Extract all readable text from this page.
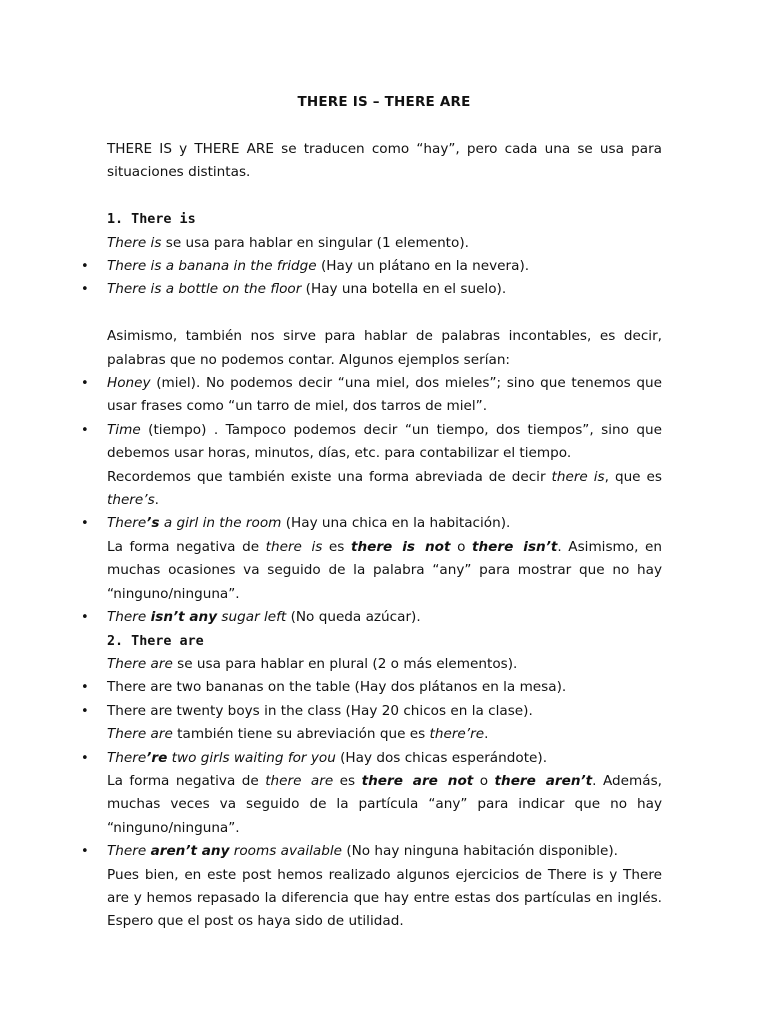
THERE IS – THERE ARE

THERE IS y THERE ARE se traducen como “hay”, pero cada una se usa para situaciones distintas.

1. There is

There is se usa para hablar en singular (1 elemento).

• There is a banana in the fridge (Hay un plátano en la nevera).

• There is a bottle on the floor (Hay una botella en el suelo).

Asimismo, también nos sirve para hablar de palabras incontables, es decir, palabras que no podemos contar. Algunos ejemplos serían:

• Honey (miel). No podemos decir “una miel, dos mieles”; sino que tenemos que usar frases como “un tarro de miel, dos tarros de miel”.

• Time (tiempo) . Tampoco podemos decir “un tiempo, dos tiempos”, sino que debemos usar horas, minutos, días, etc. para contabilizar el tiempo.

Recordemos que también existe una forma abreviada de decir there is, que es there’s.

• There’s a girl in the room (Hay una chica en la habitación).

La forma negativa de there is es there is not o there isn’t. Asimismo, en muchas ocasiones va seguido de la palabra “any” para mostrar que no hay “ninguno/ninguna”.

• There isn’t any sugar left (No queda azúcar).

2. There are

There are se usa para hablar en plural (2 o más elementos).

• There are two bananas on the table (Hay dos plátanos en la mesa).

• There are twenty boys in the class (Hay 20 chicos en la clase).

There are también tiene su abreviación que es there’re.

• There’re two girls waiting for you (Hay dos chicas esperándote).

La forma negativa de there are es there are not o there aren’t. Además, muchas veces va seguido de la partícula “any” para indicar que no hay “ninguno/ninguna”.

• There aren’t any rooms available (No hay ninguna habitación disponible).

Pues bien, en este post hemos realizado algunos ejercicios de There is y There are y hemos repasado la diferencia que hay entre estas dos partículas en inglés. Espero que el post os haya sido de utilidad.
